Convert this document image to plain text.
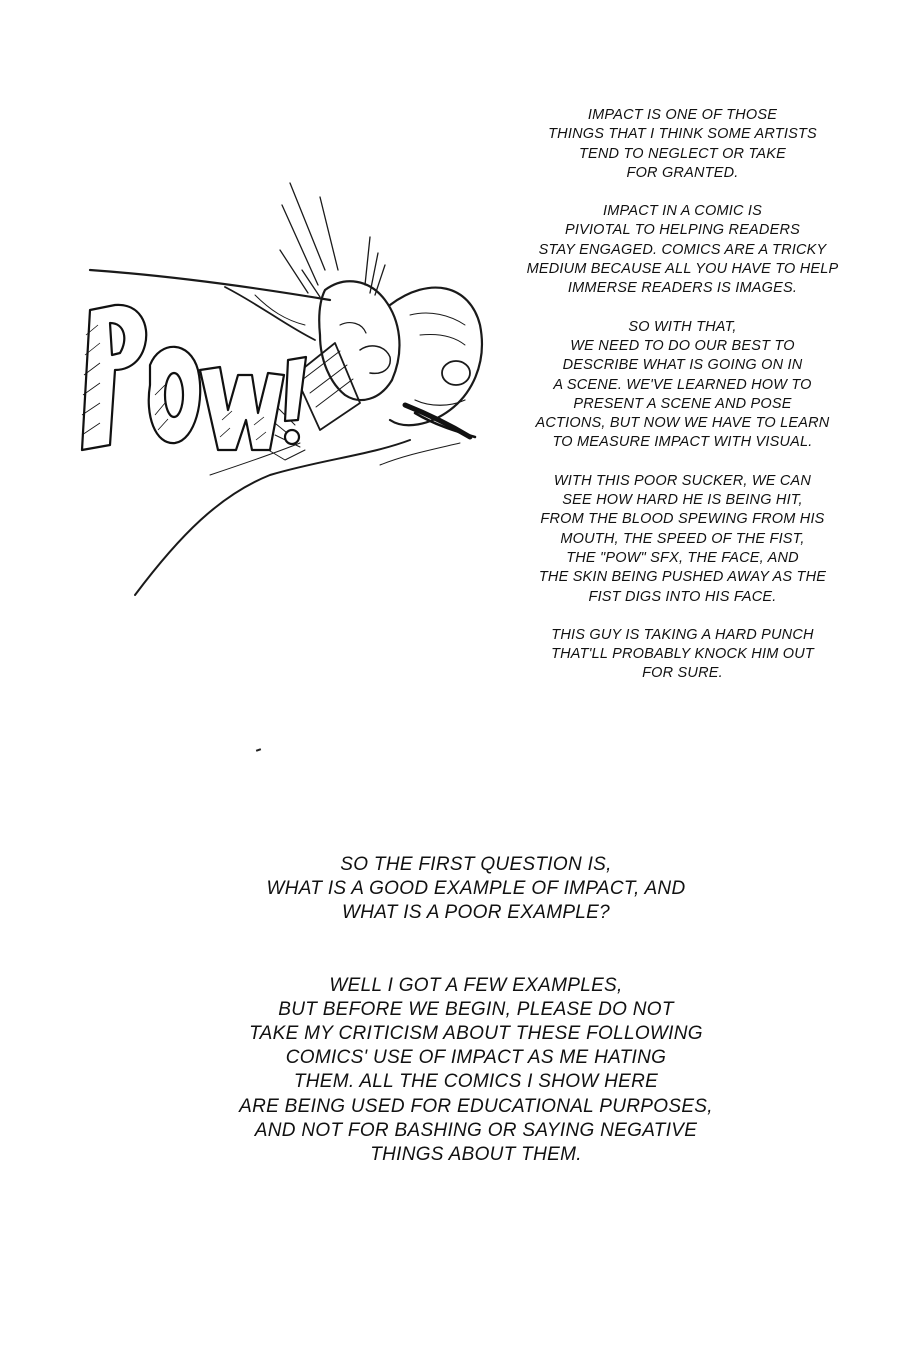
POW!

IMPACT IS ONE OF THOSE
THINGS THAT I THINK SOME ARTISTS
TEND TO NEGLECT OR TAKE
FOR GRANTED.

IMPACT IN A COMIC IS
PIVIOTAL TO HELPING READERS
STAY ENGAGED. COMICS ARE A TRICKY
MEDIUM BECAUSE ALL YOU HAVE TO HELP
IMMERSE READERS IS IMAGES.

SO WITH THAT,
WE NEED TO DO OUR BEST TO
DESCRIBE WHAT IS GOING ON IN
A SCENE. WE'VE LEARNED HOW TO
PRESENT A SCENE AND POSE
ACTIONS, BUT NOW WE HAVE TO LEARN
TO MEASURE IMPACT WITH VISUAL.

WITH THIS POOR SUCKER, WE CAN
SEE HOW HARD HE IS BEING HIT,
FROM THE BLOOD SPEWING FROM HIS
MOUTH, THE SPEED OF THE FIST,
THE "POW" SFX, THE FACE, AND
THE SKIN BEING PUSHED AWAY AS THE
FIST DIGS INTO HIS FACE.

THIS GUY IS TAKING A HARD PUNCH
THAT'LL PROBABLY KNOCK HIM OUT
FOR SURE.

SO THE FIRST QUESTION IS,
WHAT IS A GOOD EXAMPLE OF IMPACT, AND
WHAT IS A POOR EXAMPLE?

WELL I GOT A FEW EXAMPLES,
BUT BEFORE WE BEGIN, PLEASE DO NOT
TAKE MY CRITICISM ABOUT THESE FOLLOWING
COMICS' USE OF IMPACT AS ME HATING
THEM. ALL THE COMICS I SHOW HERE
ARE BEING USED FOR EDUCATIONAL PURPOSES,
AND NOT FOR BASHING OR SAYING NEGATIVE
THINGS ABOUT THEM.
